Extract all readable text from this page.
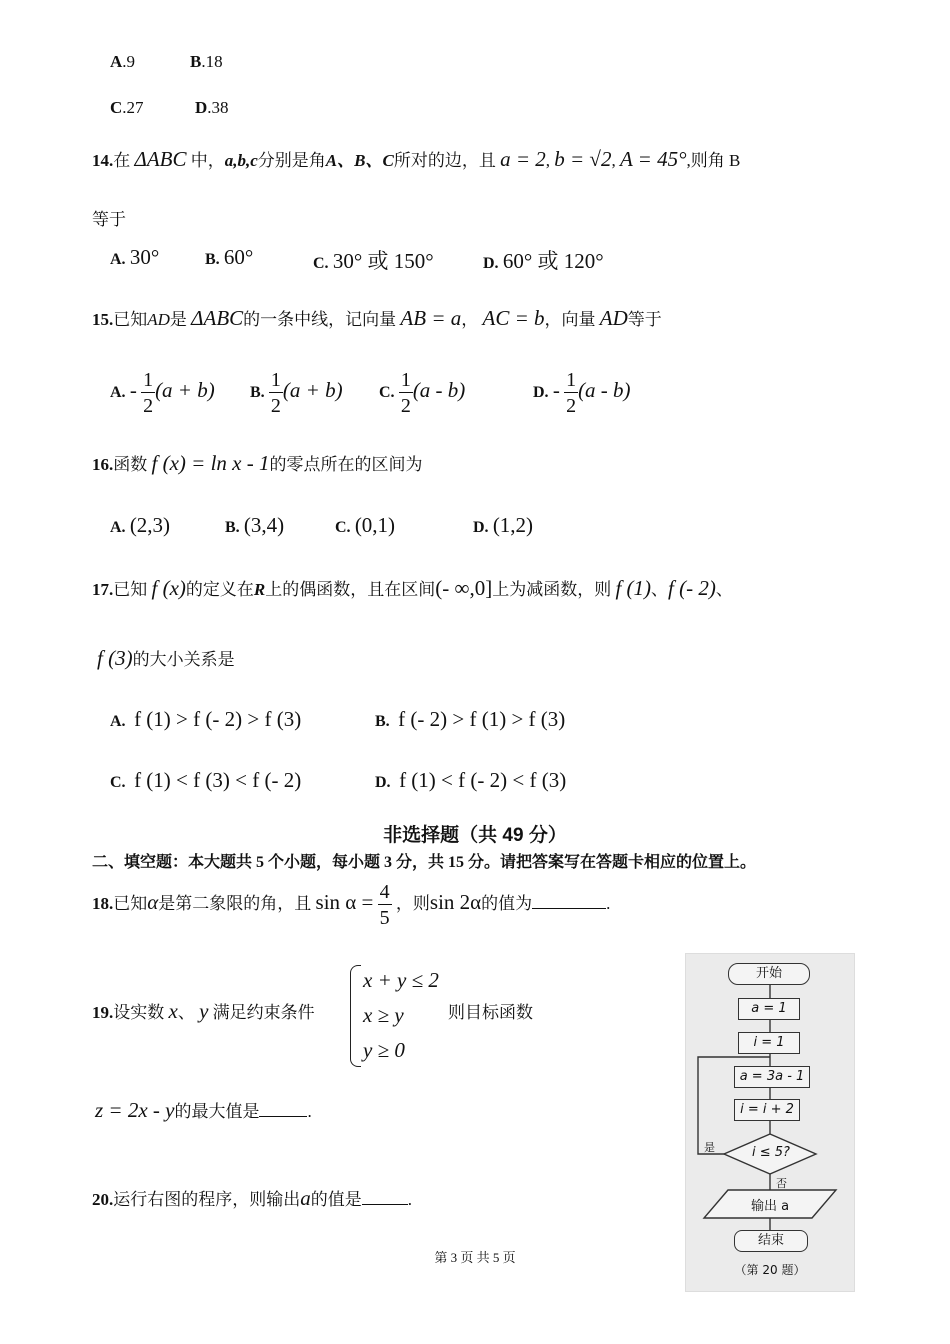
A.9	B.18
C.27	D.38
14.在 ΔABC 中，a,b,c分别是角A、B、C所对的边，且 a = 2, b = √2, A = 45°,则角 B
等于
A. 30°	B. 60°	C. 30° 或 150°	D. 60° 或 120°
15.已知AD是 ΔABC的一条中线，记向量 AB = a， AC = b，向量 AD等于
A. - $\frac{1}{2} (a + b)$ B. $\frac{1}{2} (a + b)$ C. $\frac{1}{2} (a - b)$	D. - $\frac{1}{2} (a - b)$
16.函数 f (x) = ln x - 1的零点所在的区间为
A. (2,3)	B. (3,4)	C. (0,1)	D. (1,2)
17.已知 f (x)的定义在R上的偶函数，且在区间(- ∞,0]上为减函数，则 f (1)、f (- 2)、
f (3)的大小关系是
A. f (1) > f (- 2) > f (3)	B. f (- 2) > f (1) > f (3)
C. f (1) < f (3) < f (- 2)	D. f (1) < f (- 2) < f (3)
非选择题（共 49 分）
二、填空题：本大题共 5 个小题，每小题 3 分，共 15 分。请把答案写在答题卡相应的位置上。
18.已知α是第二象限的角，且 $\sin \alpha = \frac{4}{5}$ ，则sin 2α的值为	.
19.设实数 x、 y 满足约束条件
x + y ≤ 2
x ≥ y
y ≥ 0
则目标函数
z = 2x - y的最大值是	.
20.运行右图的程序，则输出a的值是	.
开始
a = 1
i = 1
a = 3a - 1
i = i + 2
i ≤ 5?
是
否
输出 a
结束
（第 20 题）
第 3 页 共 5 页
